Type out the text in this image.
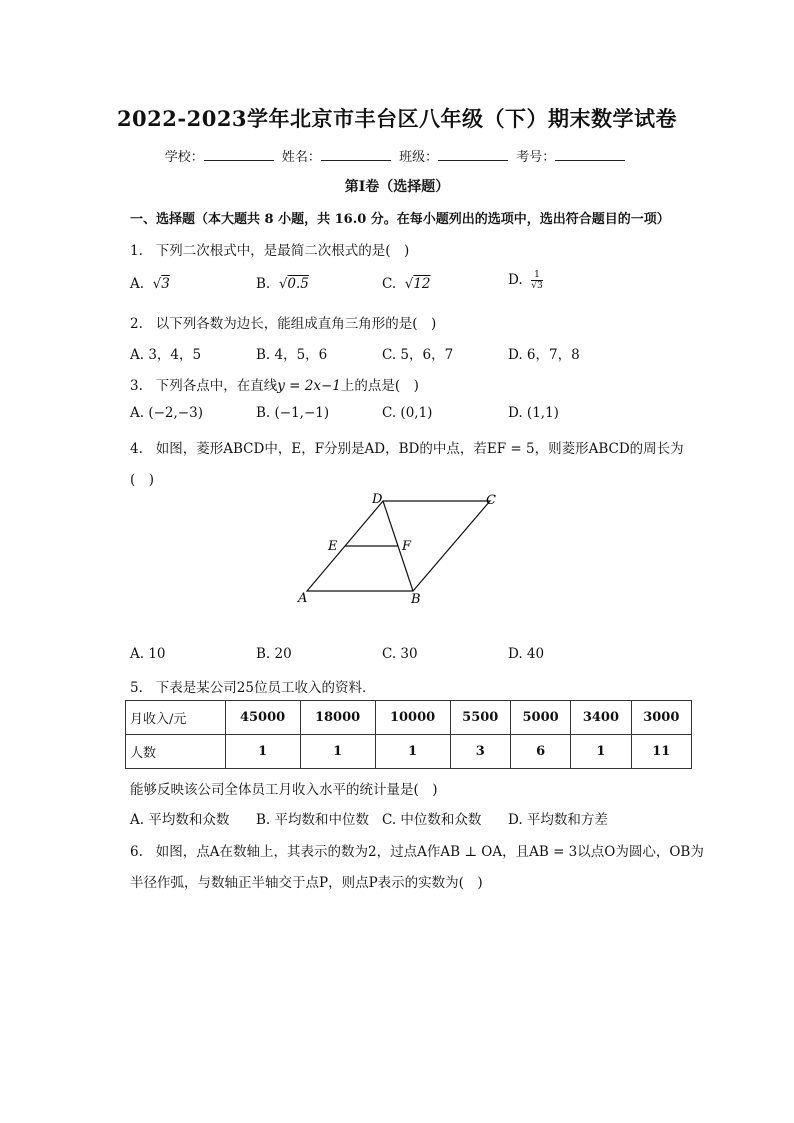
2022-2023学年北京市丰台区八年级（下）期末数学试卷
学校：	姓名：	班级：	考号：
第Ⅰ卷（选择题）
一、选择题（本大题共 8 小题，共 16.0 分。在每小题列出的选项中，选出符合题目的一项）
1. 下列二次根式中，是最简二次根式的是(　)
A. √3	B. √0.5	C. √12	D. $\frac{1}{√3}$
2. 以下列各数为边长，能组成直角三角形的是(　)
A. 3，4，5	B. 4，5，6	C. 5，6，7	D. 6，7，8
3. 下列各点中，在直线y = 2x−1上的点是(　)
A. (−2,−3)	B. (−1,−1)	C. (0,1)	D. (1,1)
4. 如图，菱形ABCD中，E，F分别是AD，BD的中点，若EF = 5，则菱形ABCD的周长为
(　)
D	C
E	F
A	B
A. 10	B. 20	C. 30	D. 40
5. 下表是某公司25位员工收入的资料．
月收入/元	45000	18000	10000	5500	5000	3400	3000
人数	1	1	1	3	6	1	11
能够反映该公司全体员工月收入水平的统计量是(　)
A. 平均数和众数 B. 平均数和中位数 C. 中位数和众数 D. 平均数和方差
6. 如图，点A在数轴上，其表示的数为2，过点A作AB ⊥ OA，且AB = 3以点O为圆心，OB为
半径作弧，与数轴正半轴交于点P，则点P表示的实数为(　)
